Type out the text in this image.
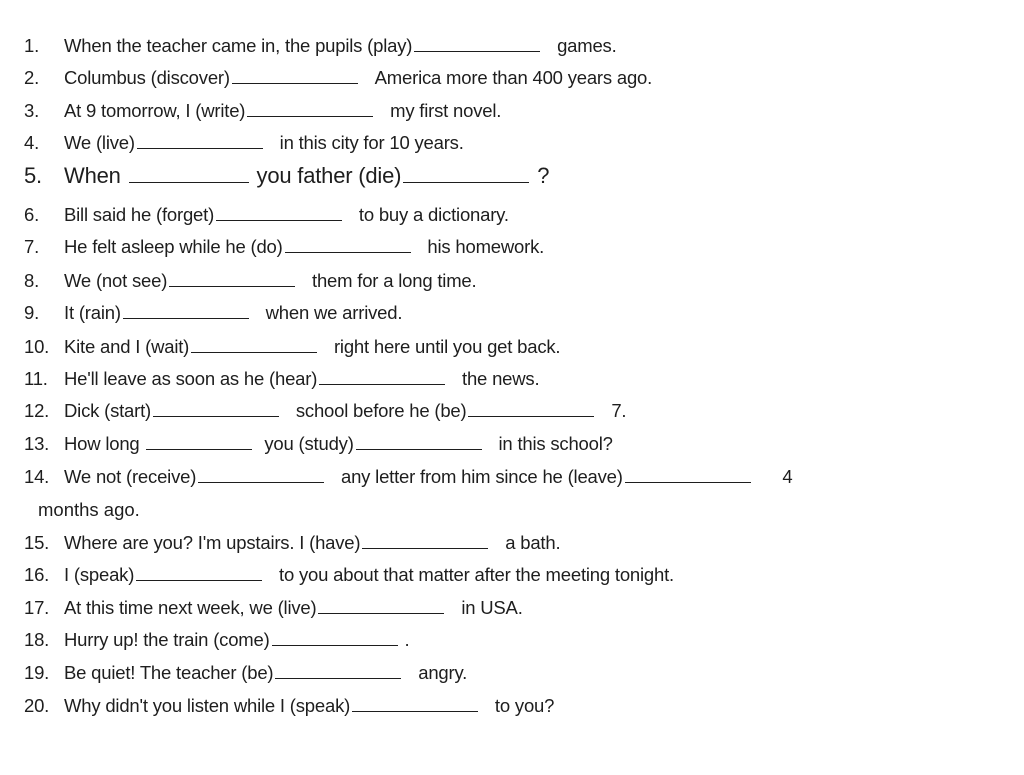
1. When the teacher came in, the pupils (play)	games.
2. Columbus (discover)	America more than 400 years ago.
3. At 9 tomorrow, I (write)	my first novel.
4. We (live)	in this city for 10 years.
5. When	you father (die)	?
6. Bill said he (forget)	to buy a dictionary.
7. He felt asleep while he (do)	his homework.
8. We (not see)	them for a long time.
9. It (rain)	when we arrived.
10. Kite and I (wait)	right here until you get back.
11. He'll leave as soon as he (hear)	the news.
12. Dick (start)	school before he (be)	7.
13. How long	you (study)	in this school?
14. We not (receive)	any letter from him since he (leave)	4
months ago.
15. Where are you? I'm upstairs. I (have)	a bath.
16. I (speak)	to you about that matter after the meeting tonight.
17. At this time next week, we (live)	in USA.
18. Hurry up! the train (come)	.
19. Be quiet! The teacher (be)	angry.
20. Why didn't you listen while I (speak)	to you?
